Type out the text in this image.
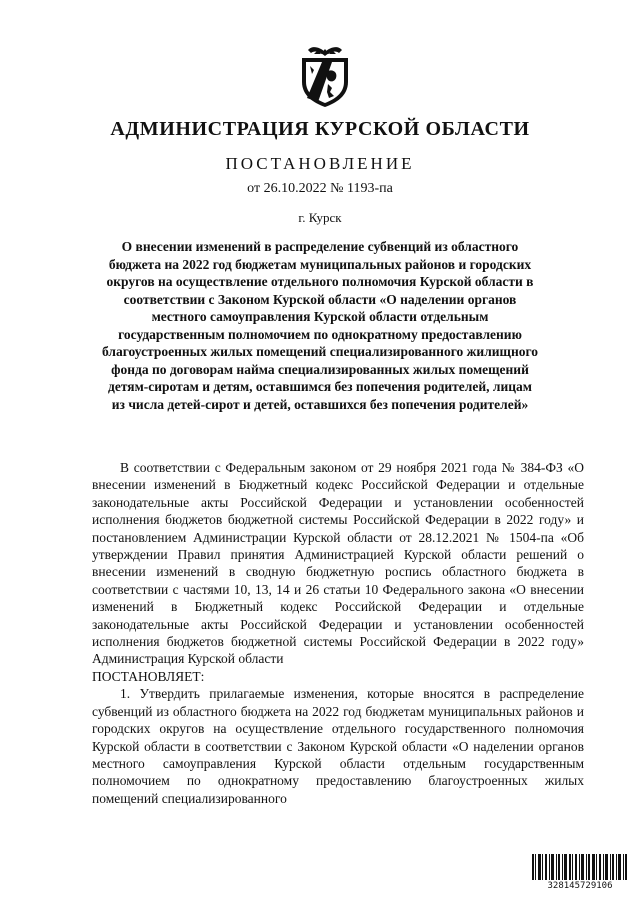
АДМИНИСТРАЦИЯ КУРСКОЙ ОБЛАСТИ
ПОСТАНОВЛЕНИЕ
от 26.10.2022 № 1193-па
г. Курск

О внесении изменений в распределение субвенций из областного бюджета на 2022 год бюджетам муниципальных районов и городских округов на осуществление отдельного полномочия Курской области в соответствии с Законом Курской области «О наделении органов местного самоуправления Курской области отдельным государственным полномочием по однократному предоставлению благоустроенных жилых помещений специализированного жилищного фонда по договорам найма специализированных жилых помещений детям-сиротам и детям, оставшимся без попечения родителей, лицам из числа детей-сирот и детей, оставшихся без попечения родителей»

В соответствии с Федеральным законом от 29 ноября 2021 года № 384-ФЗ «О внесении изменений в Бюджетный кодекс Российской Федерации и отдельные законодательные акты Российской Федерации и установлении особенностей исполнения бюджетов бюджетной системы Российской Федерации в 2022 году» и постановлением Администрации Курской области от 28.12.2021 № 1504-па «Об утверждении Правил принятия Администрацией Курской области решений о внесении изменений в сводную бюджетную роспись областного бюджета в соответствии с частями 10, 13, 14 и 26 статьи 10 Федерального закона «О внесении изменений в Бюджетный кодекс Российской Федерации и отдельные законодательные акты Российской Федерации и установлении особенностей исполнения бюджетов бюджетной системы Российской Федерации в 2022 году» Администрация Курской области

ПОСТАНОВЛЯЕТ:

1. Утвердить прилагаемые изменения, которые вносятся в распределение субвенций из областного бюджета на 2022 год бюджетам муниципальных районов и городских округов на осуществление отдельного государственного полномочия Курской области в соответствии с Законом Курской области «О наделении органов местного самоуправления Курской области отдельным государственным полномочием по однократному предоставлению благоустроенных жилых помещений специализированного

328145729106
